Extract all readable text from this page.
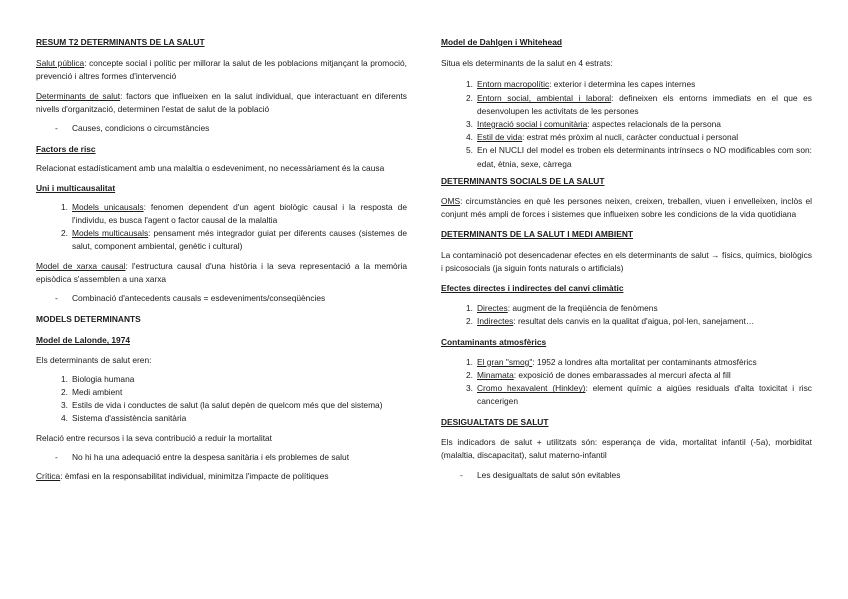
RESUM T2 DETERMINANTS DE LA SALUT
Salut pública: concepte social i polític per millorar la salut de les poblacions mitjançant la promoció, prevenció i altres formes d'intervenció
Determinants de salut: factors que influeixen en la salut individual, que interactuant en diferents nivells d'organització, determinen l'estat de salut de la població
- Causes, condicions o circumstàncies
Factors de risc
Relacionat estadísticament amb una malaltia o esdeveniment, no necessàriament és la causa
Uni i multicausalitat
1. Models unicausals: fenomen dependent d'un agent biològic causal i la resposta de l'individu, es busca l'agent o factor causal de la malaltia
2. Models multicausals: pensament més integrador guiat per diferents causes (sistemes de salut, component ambiental, genètic i cultural)
Model de xarxa causal: l'estructura causal d'una història i la seva representació a la memòria episòdica s'assemblen a una xarxa
- Combinació d'antecedents causals = esdeveniments/conseqüències
MODELS DETERMINANTS
Model de Lalonde, 1974
Els determinants de salut eren:
1. Biologia humana
2. Medi ambient
3. Estils de vida i conductes de salut (la salut depèn de quelcom més que del sistema)
4. Sistema d'assistència sanitària
Relació entre recursos i la seva contribució a reduir la mortalitat
- No hi ha una adequació entre la despesa sanitària i els problemes de salut
Crítica: èmfasi en la responsabilitat individual, minimitza l'impacte de polítiques
Model de Dahlgen i Whitehead
Situa els determinants de la salut en 4 estrats:
1. Entorn macropolític: exterior i determina les capes internes
2. Entorn social, ambiental i laboral: defineixen els entorns immediats en el que es desenvolupen les activitats de les persones
3. Integració social i comunitària: aspectes relacionals de la persona
4. Estil de vida: estrat més pròxim al nucli, caràcter conductual i personal
5. En el NUCLI del model es troben els determinants intrínsecs o NO modificables com son: edat, ètnia, sexe, càrrega
DETERMINANTS SOCIALS DE LA SALUT
OMS: circumstàncies en què les persones neixen, creixen, treballen, viuen i envelleixen, inclòs el conjunt més ampli de forces i sistemes que influeixen sobre les condicions de la vida quotidiana
DETERMINANTS DE LA SALUT I MEDI AMBIENT
La contaminació pot desencadenar efectes en els determinants de salut → físics, químics, biològics i psicosocials (ja siguin fonts naturals o artificials)
Efectes directes i indirectes del canvi climàtic
1. Directes: augment de la freqüència de fenòmens
2. Indirectes: resultat dels canvis en la qualitat d'aigua, pol·len, sanejament…
Contaminants atmosfèrics
1. El gran "smog": 1952 a londres alta mortalitat per contaminants atmosfèrics
2. Minamata: exposició de dones embarassades al mercuri afecta al fill
3. Cromo hexavalent (Hinkley): element químic a aigües residuals d'alta toxicitat i risc cancerigen
DESIGUALTATS DE SALUT
Els indicadors de salut + utilitzats són: esperança de vida, mortalitat infantil (-5a), morbiditat (malaltia, discapacitat), salut materno-infantil
- Les desigualtats de salut són evitables
